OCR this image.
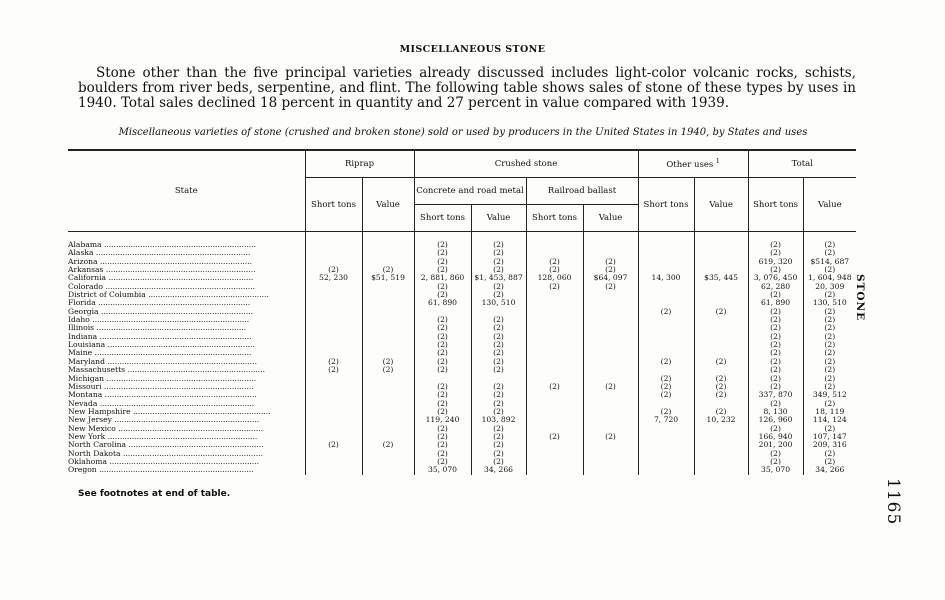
MISCELLANEOUS STONE

Stone other than the five principal varieties already discussed includes light-color volcanic rocks, schists, boulders from river beds, serpentine, and flint. The following table shows sales of stone of these types by uses in 1940. Total sales declined 18 percent in quantity and 27 percent in value compared with 1939.

Miscellaneous varieties of stone (crushed and broken stone) sold or used by producers in the United States in 1940, by States and uses
State	Riprap		Crushed stone				Other uses $^1$		Total	
	Short tons	Value	Concrete and road metal		Railroad ballast		Short tons	Value	Short tons	Value
			Short tons	Value	Short tons	Value				

Alabama ...............................................................			(2)	(2)					(2)	(2)
Alaska ................................................................			(2)	(2)					(2)	(2)
Arizona ...............................................................			(2)	(2)	(2)	(2)			619, 320	$514, 687
Arkansas ..............................................................	(2)	(2)	(2)	(2)	(2)	(2)			(2)	(2)
California ............................................................	52, 230	$51, 519	2, 881, 860	$1, 453, 887	128, 060	$64, 097	14, 300	$35, 445	3, 076, 450	1, 604, 948
Colorado ..............................................................			(2)	(2)	(2)	(2)			62, 280	20, 309
District of Columbia ..................................................			(2)	(2)					(2)	(2)
Florida ...............................................................			61, 890	130, 510					61, 890	130, 510
Georgia ...............................................................							(2)	(2)	(2)	(2)
Idaho .................................................................			(2)	(2)					(2)	(2)
Illinois ..............................................................			(2)	(2)					(2)	(2)
Indiana ...............................................................			(2)	(2)					(2)	(2)
Louisiana .............................................................			(2)	(2)					(2)	(2)
Maine .................................................................			(2)	(2)					(2)	(2)
Maryland ..............................................................	(2)	(2)	(2)	(2)			(2)	(2)	(2)	(2)
Massachusetts .........................................................	(2)	(2)	(2)	(2)					(2)	(2)
Michigan ..............................................................							(2)	(2)	(2)	(2)
Missouri ..............................................................			(2)	(2)	(2)	(2)	(2)	(2)	(2)	(2)
Montana ...............................................................			(2)	(2)			(2)	(2)	337, 870	349, 512
Nevada ................................................................			(2)	(2)					(2)	(2)
New Hampshire .........................................................			(2)	(2)			(2)	(2)	8, 130	18, 119
New Jersey ............................................................			119, 240	103, 892			7, 720	10, 232	126, 960	114, 124
New Mexico ............................................................			(2)	(2)					(2)	(2)
New York ..............................................................			(2)	(2)	(2)	(2)			166, 940	107, 147
North Carolina ........................................................	(2)	(2)	(2)	(2)					201, 200	209, 316
North Dakota ..........................................................			(2)	(2)					(2)	(2)
Oklahoma ..............................................................			(2)	(2)					(2)	(2)
Oregon ................................................................			35, 070	34, 266					35, 070	34, 266
See footnotes at end of table.
STONE
1165
